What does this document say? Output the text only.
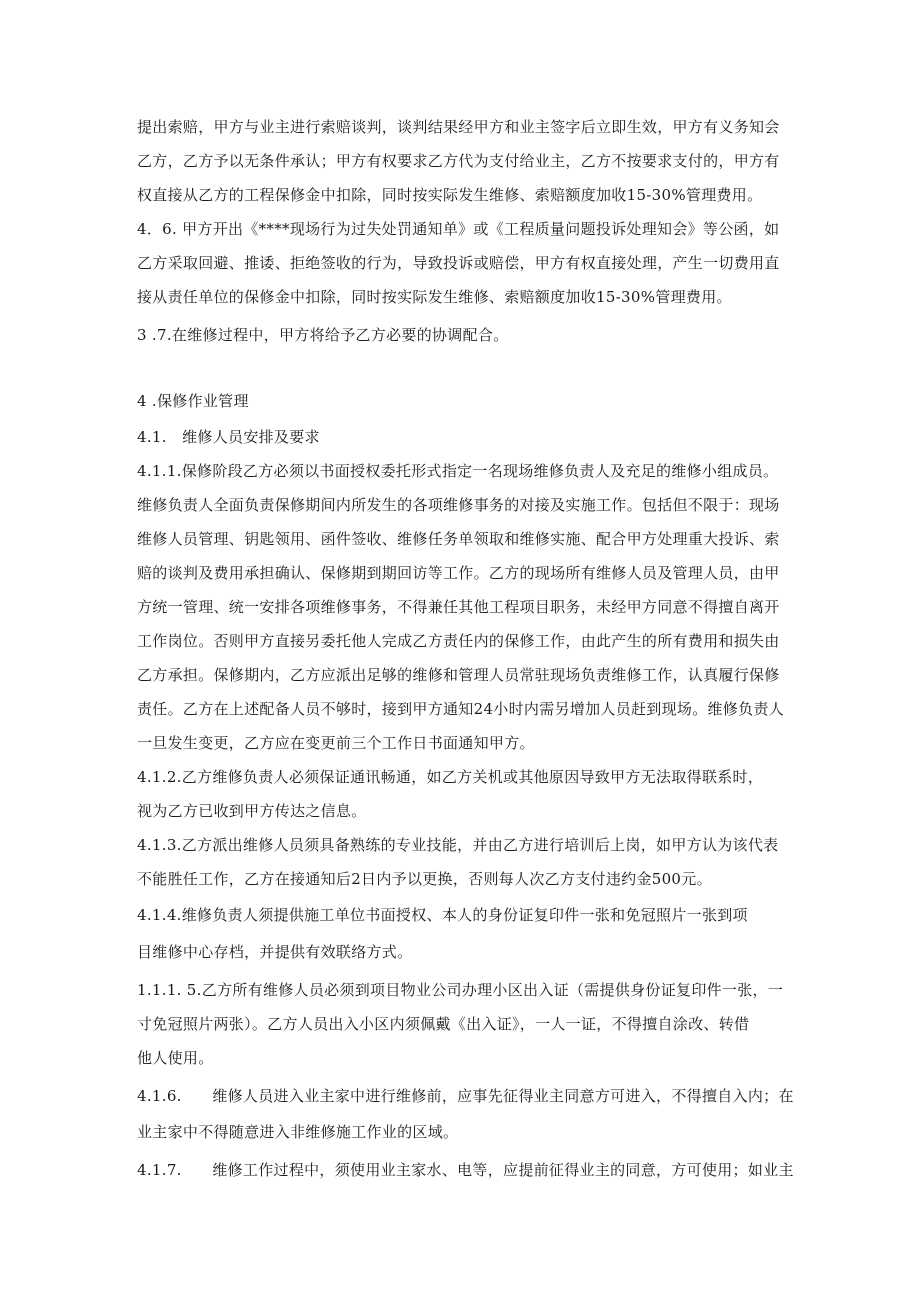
提出索赔，甲方与业主进行索赔谈判，谈判结果经甲方和业主签字后立即生效，甲方有义务知会
乙方，乙方予以无条件承认；甲方有权要求乙方代为支付给业主，乙方不按要求支付的，甲方有
权直接从乙方的工程保修金中扣除，同时按实际发生维修、索赔额度加收15-30%管理费用。
4．6. 甲方开出《****现场行为过失处罚通知单》或《工程质量问题投诉处理知会》等公函，如
乙方采取回避、推诿、拒绝签收的行为，导致投诉或赔偿，甲方有权直接处理，产生一切费用直
接从责任单位的保修金中扣除，同时按实际发生维修、索赔额度加收15-30%管理费用。
3 .7.在维修过程中，甲方将给予乙方必要的协调配合。
4 .保修作业管理
4.1.　维修人员安排及要求
4.1.1.保修阶段乙方必须以书面授权委托形式指定一名现场维修负责人及充足的维修小组成员。
维修负责人全面负责保修期间内所发生的各项维修事务的对接及实施工作。包括但不限于：现场
维修人员管理、钥匙领用、函件签收、维修任务单领取和维修实施、配合甲方处理重大投诉、索
赔的谈判及费用承担确认、保修期到期回访等工作。乙方的现场所有维修人员及管理人员，由甲
方统一管理、统一安排各项维修事务，不得兼任其他工程项目职务，未经甲方同意不得擅自离开
工作岗位。否则甲方直接另委托他人完成乙方责任内的保修工作，由此产生的所有费用和损失由
乙方承担。保修期内，乙方应派出足够的维修和管理人员常驻现场负责维修工作，认真履行保修
责任。乙方在上述配备人员不够时，接到甲方通知24小时内需另增加人员赶到现场。维修负责人
一旦发生变更，乙方应在变更前三个工作日书面通知甲方。
4.1.2.乙方维修负责人必须保证通讯畅通，如乙方关机或其他原因导致甲方无法取得联系时，
视为乙方已收到甲方传达之信息。
4.1.3.乙方派出维修人员须具备熟练的专业技能，并由乙方进行培训后上岗，如甲方认为该代表
不能胜任工作，乙方在接通知后2日内予以更换，否则每人次乙方支付违约金500元。
4.1.4.维修负责人须提供施工单位书面授权、本人的身份证复印件一张和免冠照片一张到项
目维修中心存档，并提供有效联络方式。
1.1.1. 5.乙方所有维修人员必须到项目物业公司办理小区出入证（需提供身份证复印件一张，一
寸免冠照片两张）。乙方人员出入小区内须佩戴《出入证》，一人一证，不得擅自涂改、转借
他人使用。
4.1.6.　　维修人员进入业主家中进行维修前，应事先征得业主同意方可进入，不得擅自入内；在
业主家中不得随意进入非维修施工作业的区域。
4.1.7.　　维修工作过程中，须使用业主家水、电等，应提前征得业主的同意，方可使用；如业主
